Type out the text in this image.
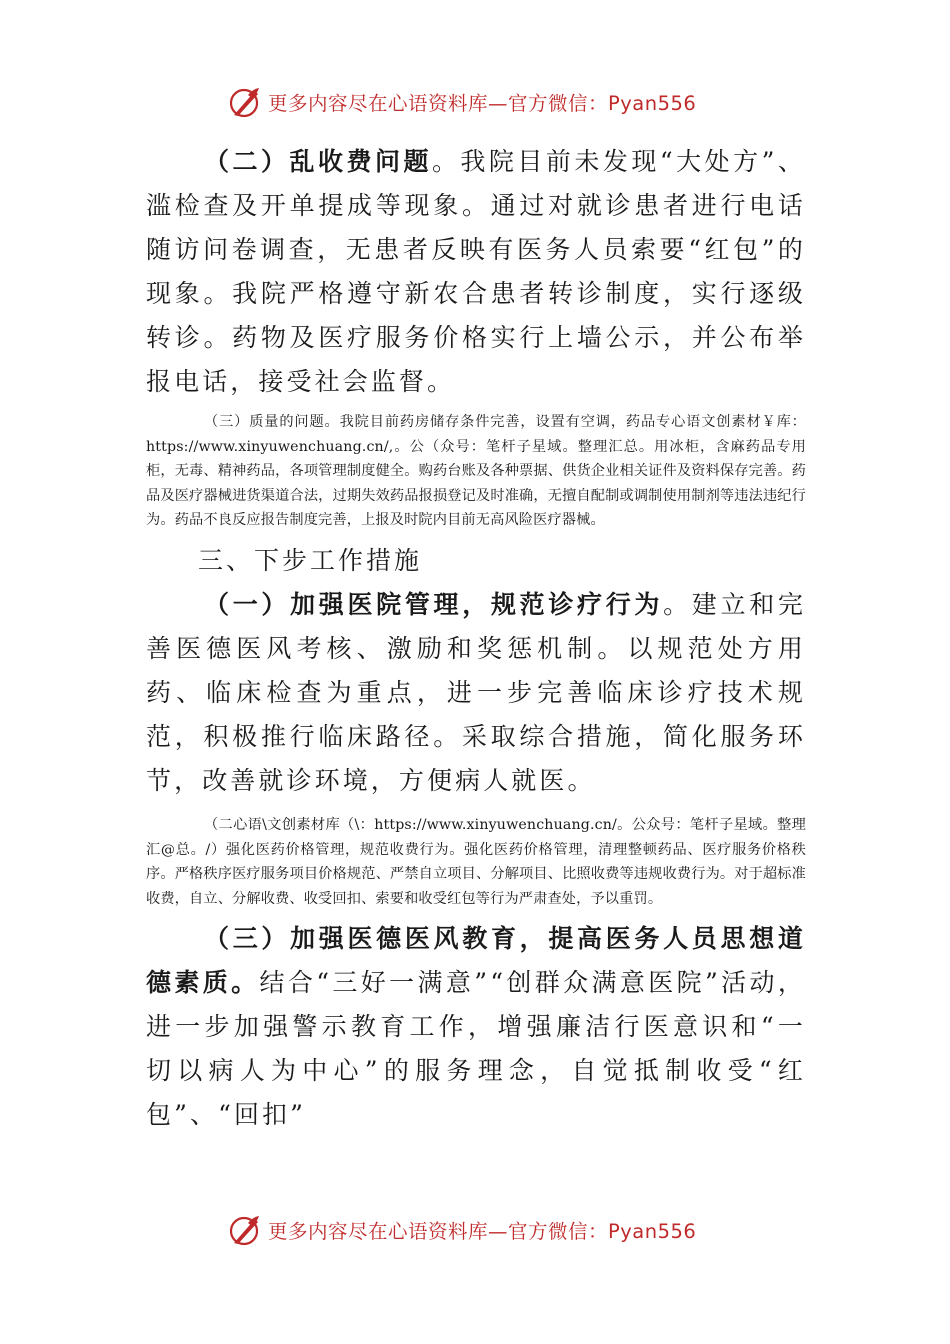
更多内容尽在心语资料库—官方微信：Pyan556

（二）乱收费问题。我院目前未发现“大处方”、滥检查及开单提成等现象。通过对就诊患者进行电话随访问卷调查，无患者反映有医务人员索要“红包”的现象。我院严格遵守新农合患者转诊制度，实行逐级转诊。药物及医疗服务价格实行上墙公示，并公布举报电话，接受社会监督。

（三）质量的问题。我院目前药房储存条件完善，设置有空调，药品专心语文创素材￥库：https://www.xinyuwenchuang.cn/,。公（众号：笔杆子星域。整理汇总。用冰柜，含麻药品专用柜，无毒、精神药品，各项管理制度健全。购药台账及各种票据、供货企业相关证件及资料保存完善。药品及医疗器械进货渠道合法，过期失效药品报损登记及时准确，无擅自配制或调制使用制剂等违法违纪行为。药品不良反应报告制度完善，上报及时院内目前无高风险医疗器械。

三、下步工作措施

（一）加强医院管理，规范诊疗行为。建立和完善医德医风考核、激励和奖惩机制。以规范处方用药、临床检查为重点，进一步完善临床诊疗技术规范，积极推行临床路径。采取综合措施，简化服务环节，改善就诊环境，方便病人就医。

（二心语\文创素材库（\：https://www.xinyuwenchuang.cn/。公众号：笔杆子星域。整理汇@总。/）强化医药价格管理，规范收费行为。强化医药价格管理，清理整顿药品、医疗服务价格秩序。严格秩序医疗服务项目价格规范、严禁自立项目、分解项目、比照收费等违规收费行为。对于超标准收费，自立、分解收费、收受回扣、索要和收受红包等行为严肃查处，予以重罚。

（三）加强医德医风教育，提高医务人员思想道德素质。结合“三好一满意”“创群众满意医院”活动，进一步加强警示教育工作，增强廉洁行医意识和“一切以病人为中心”的服务理念，自觉抵制收受“红包”、“回扣”

更多内容尽在心语资料库—官方微信：Pyan556
